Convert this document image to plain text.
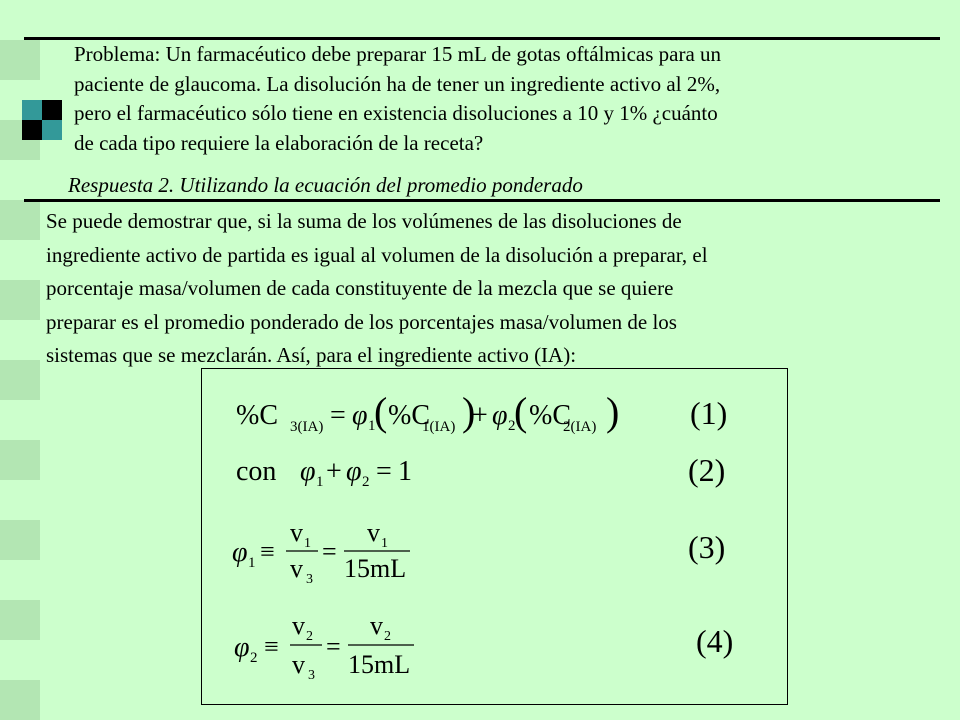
Problema: Un farmacéutico debe preparar 15 mL de gotas oftálmicas para un
paciente de glaucoma. La disolución ha de tener un ingrediente activo al 2%,
pero el farmacéutico sólo tiene en existencia disoluciones a 10 y 1% ¿cuánto
de cada tipo requiere la elaboración de la receta?
Respuesta 2. Utilizando la ecuación del promedio ponderado
Se puede demostrar que, si la suma de los volúmenes de las disoluciones de
ingrediente activo de partida es igual al volumen de la disolución a preparar, el
porcentaje masa/volumen de cada constituyente de la mezcla que se quiere
preparar es el promedio ponderado de los porcentajes masa/volumen de los
sistemas que se mezclarán. Así, para el ingrediente activo (IA):
%C 3(IA) = φ 1
( %C
1(IA) )
+ φ 2
( %C
2(IA) ) (1)
con φ 1 + φ 2 = 1	(2)
φ 1 ≡
v 1
v 3
=
v 1
15mL
(3)
φ 2 ≡
v 2
v 3
=
v 2
15mL
(4)
